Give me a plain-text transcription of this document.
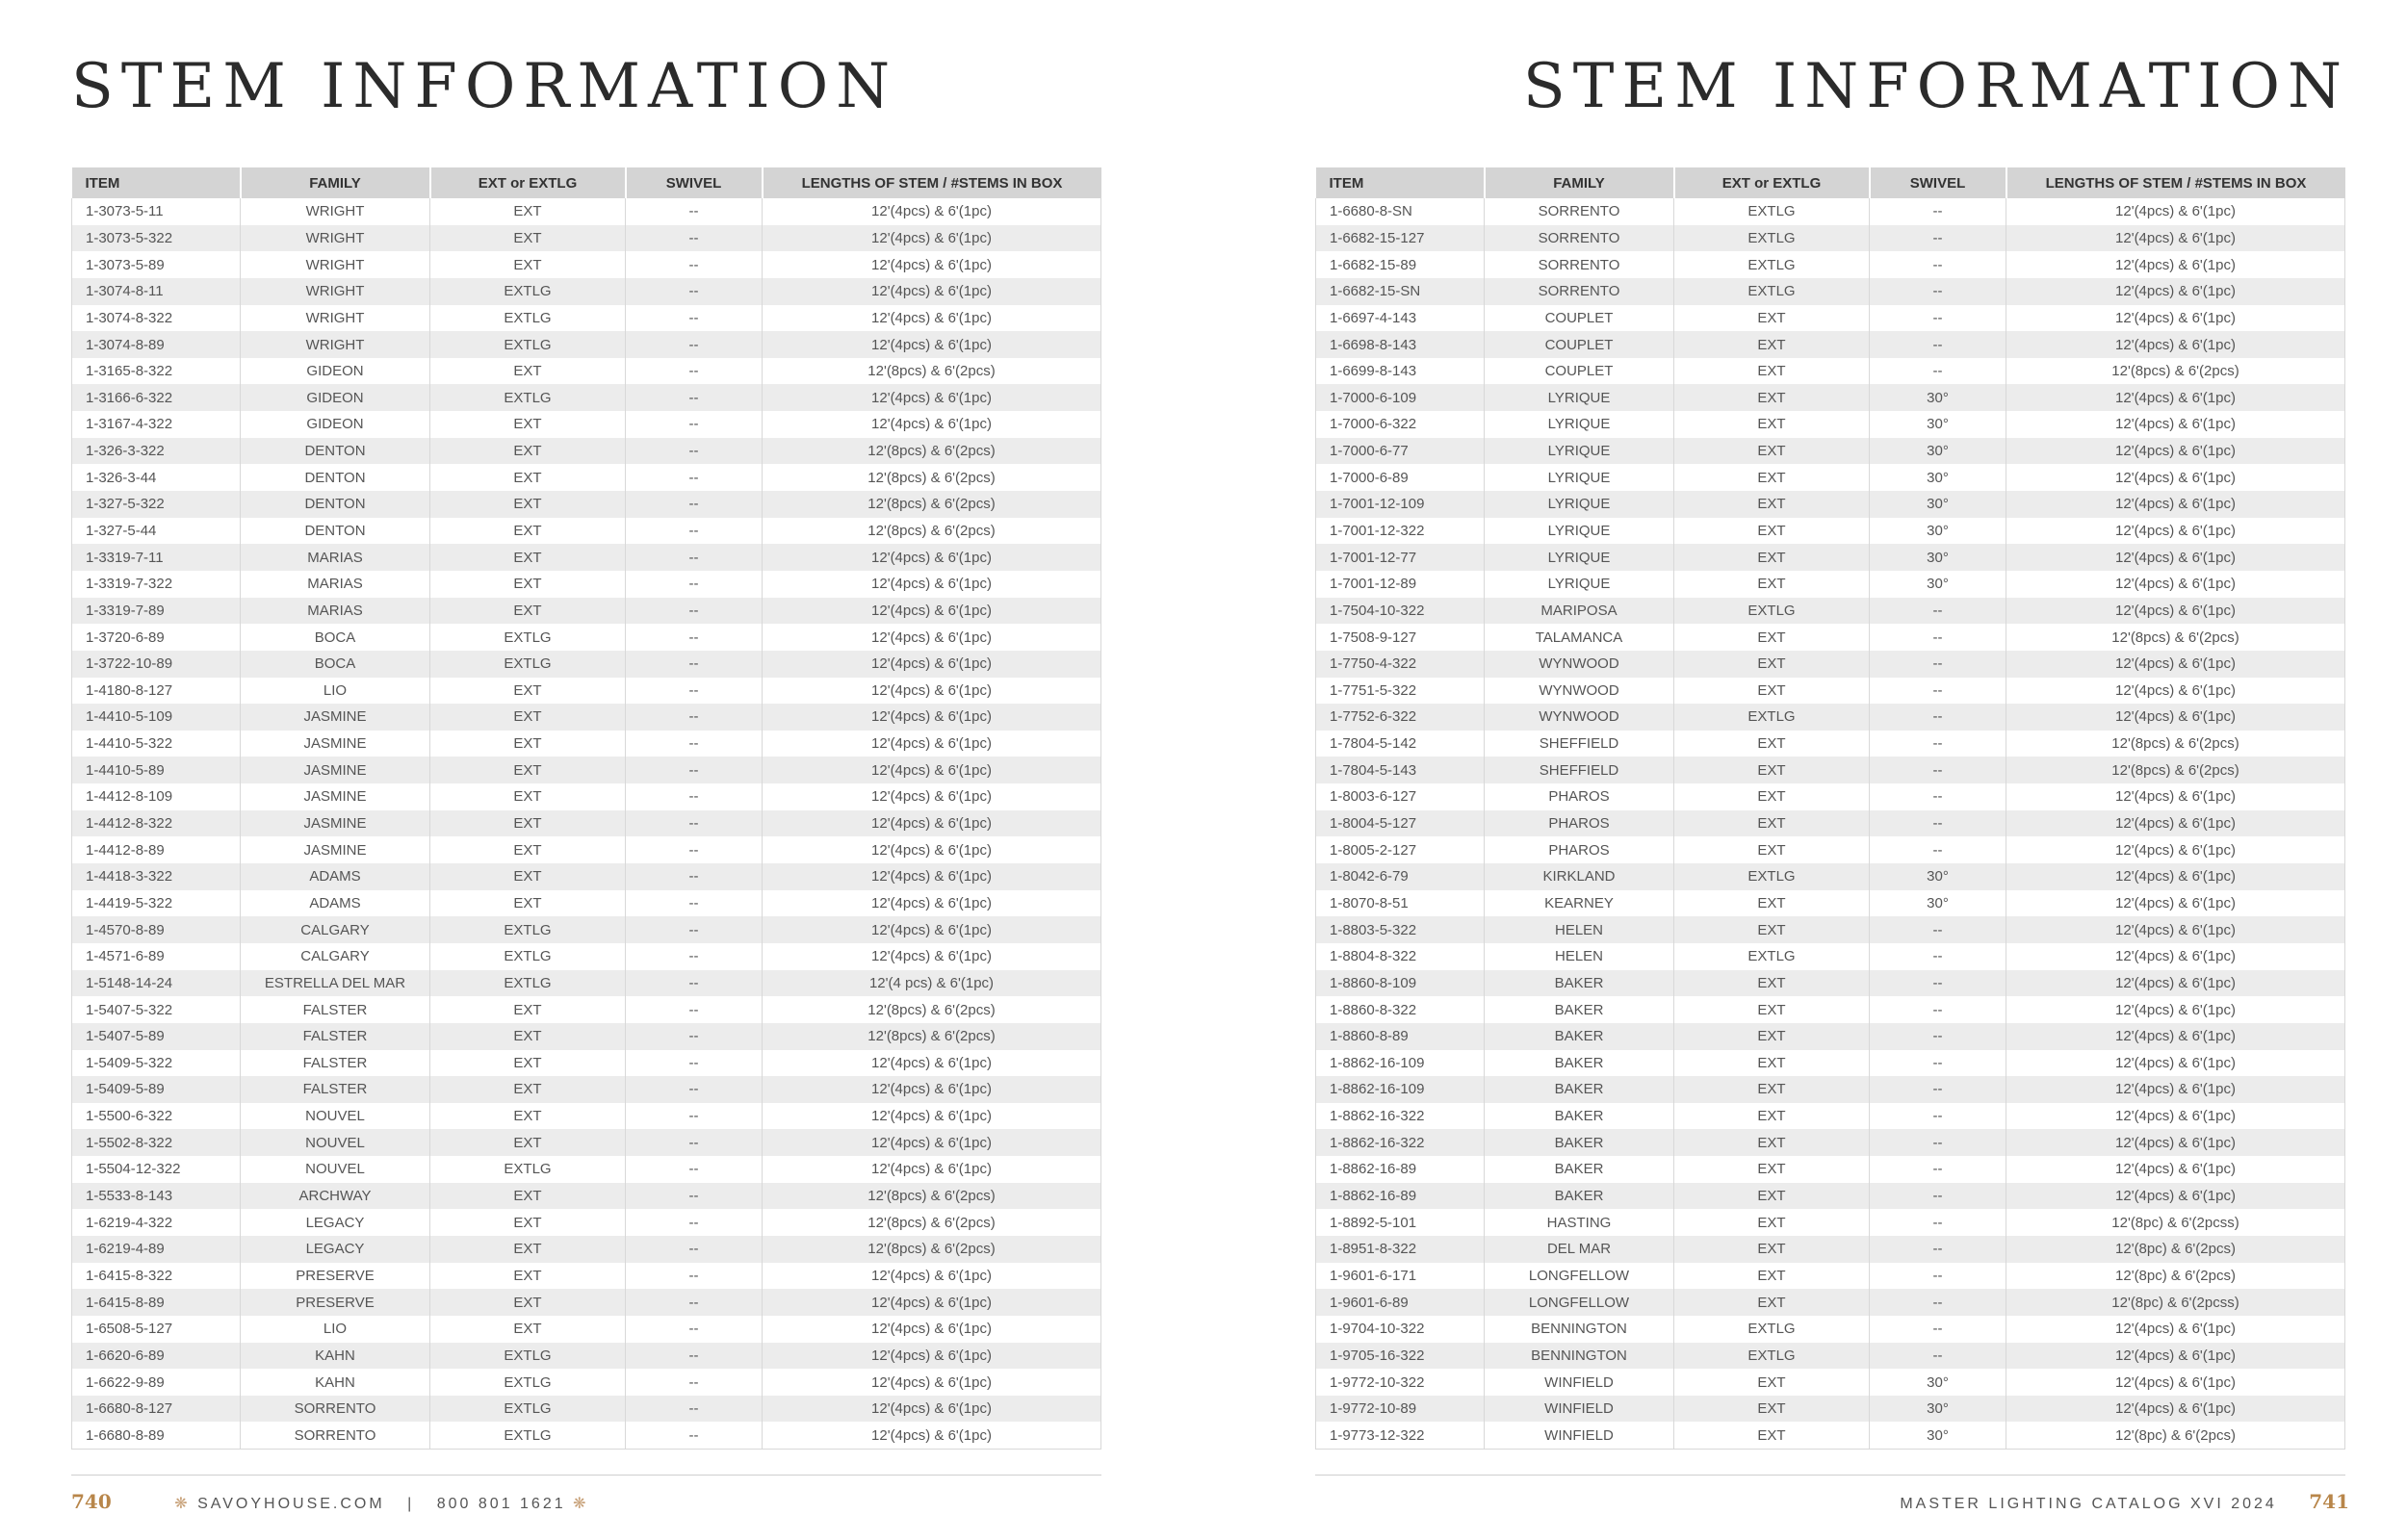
STEM INFORMATION	STEM INFORMATION
ITEM	FAMILY	EXT or EXTLG	SWIVEL	LENGTHS OF STEM / #STEMS IN BOX
1-3073-5-11	WRIGHT	EXT	--	12'(4pcs) & 6'(1pc)
1-3073-5-322	WRIGHT	EXT	--	12'(4pcs) & 6'(1pc)
1-3073-5-89	WRIGHT	EXT	--	12'(4pcs) & 6'(1pc)
1-3074-8-11	WRIGHT	EXTLG	--	12'(4pcs) & 6'(1pc)
1-3074-8-322	WRIGHT	EXTLG	--	12'(4pcs) & 6'(1pc)
1-3074-8-89	WRIGHT	EXTLG	--	12'(4pcs) & 6'(1pc)
1-3165-8-322	GIDEON	EXT	--	12'(8pcs) & 6'(2pcs)
1-3166-6-322	GIDEON	EXTLG	--	12'(4pcs) & 6'(1pc)
1-3167-4-322	GIDEON	EXT	--	12'(4pcs) & 6'(1pc)
1-326-3-322	DENTON	EXT	--	12'(8pcs) & 6'(2pcs)
1-326-3-44	DENTON	EXT	--	12'(8pcs) & 6'(2pcs)
1-327-5-322	DENTON	EXT	--	12'(8pcs) & 6'(2pcs)
1-327-5-44	DENTON	EXT	--	12'(8pcs) & 6'(2pcs)
1-3319-7-11	MARIAS	EXT	--	12'(4pcs) & 6'(1pc)
1-3319-7-322	MARIAS	EXT	--	12'(4pcs) & 6'(1pc)
1-3319-7-89	MARIAS	EXT	--	12'(4pcs) & 6'(1pc)
1-3720-6-89	BOCA	EXTLG	--	12'(4pcs) & 6'(1pc)
1-3722-10-89	BOCA	EXTLG	--	12'(4pcs) & 6'(1pc)
1-4180-8-127	LIO	EXT	--	12'(4pcs) & 6'(1pc)
1-4410-5-109	JASMINE	EXT	--	12'(4pcs) & 6'(1pc)
1-4410-5-322	JASMINE	EXT	--	12'(4pcs) & 6'(1pc)
1-4410-5-89	JASMINE	EXT	--	12'(4pcs) & 6'(1pc)
1-4412-8-109	JASMINE	EXT	--	12'(4pcs) & 6'(1pc)
1-4412-8-322	JASMINE	EXT	--	12'(4pcs) & 6'(1pc)
1-4412-8-89	JASMINE	EXT	--	12'(4pcs) & 6'(1pc)
1-4418-3-322	ADAMS	EXT	--	12'(4pcs) & 6'(1pc)
1-4419-5-322	ADAMS	EXT	--	12'(4pcs) & 6'(1pc)
1-4570-8-89	CALGARY	EXTLG	--	12'(4pcs) & 6'(1pc)
1-4571-6-89	CALGARY	EXTLG	--	12'(4pcs) & 6'(1pc)
1-5148-14-24	ESTRELLA DEL MAR	EXTLG	--	12'(4 pcs) & 6'(1pc)
1-5407-5-322	FALSTER	EXT	--	12'(8pcs) & 6'(2pcs)
1-5407-5-89	FALSTER	EXT	--	12'(8pcs) & 6'(2pcs)
1-5409-5-322	FALSTER	EXT	--	12'(4pcs) & 6'(1pc)
1-5409-5-89	FALSTER	EXT	--	12'(4pcs) & 6'(1pc)
1-5500-6-322	NOUVEL	EXT	--	12'(4pcs) & 6'(1pc)
1-5502-8-322	NOUVEL	EXT	--	12'(4pcs) & 6'(1pc)
1-5504-12-322	NOUVEL	EXTLG	--	12'(4pcs) & 6'(1pc)
1-5533-8-143	ARCHWAY	EXT	--	12'(8pcs) & 6'(2pcs)
1-6219-4-322	LEGACY	EXT	--	12'(8pcs) & 6'(2pcs)
1-6219-4-89	LEGACY	EXT	--	12'(8pcs) & 6'(2pcs)
1-6415-8-322	PRESERVE	EXT	--	12'(4pcs) & 6'(1pc)
1-6415-8-89	PRESERVE	EXT	--	12'(4pcs) & 6'(1pc)
1-6508-5-127	LIO	EXT	--	12'(4pcs) & 6'(1pc)
1-6620-6-89	KAHN	EXTLG	--	12'(4pcs) & 6'(1pc)
1-6622-9-89	KAHN	EXTLG	--	12'(4pcs) & 6'(1pc)
1-6680-8-127	SORRENTO	EXTLG	--	12'(4pcs) & 6'(1pc)
1-6680-8-89	SORRENTO	EXTLG	--	12'(4pcs) & 6'(1pc)
ITEM	FAMILY	EXT or EXTLG	SWIVEL	LENGTHS OF STEM / #STEMS IN BOX
1-6680-8-SN	SORRENTO	EXTLG	--	12'(4pcs) & 6'(1pc)
1-6682-15-127	SORRENTO	EXTLG	--	12'(4pcs) & 6'(1pc)
1-6682-15-89	SORRENTO	EXTLG	--	12'(4pcs) & 6'(1pc)
1-6682-15-SN	SORRENTO	EXTLG	--	12'(4pcs) & 6'(1pc)
1-6697-4-143	COUPLET	EXT	--	12'(4pcs) & 6'(1pc)
1-6698-8-143	COUPLET	EXT	--	12'(4pcs) & 6'(1pc)
1-6699-8-143	COUPLET	EXT	--	12'(8pcs) & 6'(2pcs)
1-7000-6-109	LYRIQUE	EXT	30°	12'(4pcs) & 6'(1pc)
1-7000-6-322	LYRIQUE	EXT	30°	12'(4pcs) & 6'(1pc)
1-7000-6-77	LYRIQUE	EXT	30°	12'(4pcs) & 6'(1pc)
1-7000-6-89	LYRIQUE	EXT	30°	12'(4pcs) & 6'(1pc)
1-7001-12-109	LYRIQUE	EXT	30°	12'(4pcs) & 6'(1pc)
1-7001-12-322	LYRIQUE	EXT	30°	12'(4pcs) & 6'(1pc)
1-7001-12-77	LYRIQUE	EXT	30°	12'(4pcs) & 6'(1pc)
1-7001-12-89	LYRIQUE	EXT	30°	12'(4pcs) & 6'(1pc)
1-7504-10-322	MARIPOSA	EXTLG	--	12'(4pcs) & 6'(1pc)
1-7508-9-127	TALAMANCA	EXT	--	12'(8pcs) & 6'(2pcs)
1-7750-4-322	WYNWOOD	EXT	--	12'(4pcs) & 6'(1pc)
1-7751-5-322	WYNWOOD	EXT	--	12'(4pcs) & 6'(1pc)
1-7752-6-322	WYNWOOD	EXTLG	--	12'(4pcs) & 6'(1pc)
1-7804-5-142	SHEFFIELD	EXT	--	12'(8pcs) & 6'(2pcs)
1-7804-5-143	SHEFFIELD	EXT	--	12'(8pcs) & 6'(2pcs)
1-8003-6-127	PHAROS	EXT	--	12'(4pcs) & 6'(1pc)
1-8004-5-127	PHAROS	EXT	--	12'(4pcs) & 6'(1pc)
1-8005-2-127	PHAROS	EXT	--	12'(4pcs) & 6'(1pc)
1-8042-6-79	KIRKLAND	EXTLG	30°	12'(4pcs) & 6'(1pc)
1-8070-8-51	KEARNEY	EXT	30°	12'(4pcs) & 6'(1pc)
1-8803-5-322	HELEN	EXT	--	12'(4pcs) & 6'(1pc)
1-8804-8-322	HELEN	EXTLG	--	12'(4pcs) & 6'(1pc)
1-8860-8-109	BAKER	EXT	--	12'(4pcs) & 6'(1pc)
1-8860-8-322	BAKER	EXT	--	12'(4pcs) & 6'(1pc)
1-8860-8-89	BAKER	EXT	--	12'(4pcs) & 6'(1pc)
1-8862-16-109	BAKER	EXT	--	12'(4pcs) & 6'(1pc)
1-8862-16-109	BAKER	EXT	--	12'(4pcs) & 6'(1pc)
1-8862-16-322	BAKER	EXT	--	12'(4pcs) & 6'(1pc)
1-8862-16-322	BAKER	EXT	--	12'(4pcs) & 6'(1pc)
1-8862-16-89	BAKER	EXT	--	12'(4pcs) & 6'(1pc)
1-8862-16-89	BAKER	EXT	--	12'(4pcs) & 6'(1pc)
1-8892-5-101	HASTING	EXT	--	12'(8pc) & 6'(2pcss)
1-8951-8-322	DEL MAR	EXT	--	12'(8pc) & 6'(2pcs)
1-9601-6-171	LONGFELLOW	EXT	--	12'(8pc) & 6'(2pcs)
1-9601-6-89	LONGFELLOW	EXT	--	12'(8pc) & 6'(2pcss)
1-9704-10-322	BENNINGTON	EXTLG	--	12'(4pcs) & 6'(1pc)
1-9705-16-322	BENNINGTON	EXTLG	--	12'(4pcs) & 6'(1pc)
1-9772-10-322	WINFIELD	EXT	30°	12'(4pcs) & 6'(1pc)
1-9772-10-89	WINFIELD	EXT	30°	12'(4pcs) & 6'(1pc)
1-9773-12-322	WINFIELD	EXT	30°	12'(8pc) & 6'(2pcs)
740	❋ SAVOYHOUSE.COM | 800 801 1621 ❋	MASTER LIGHTING CATALOG XVI 2024 741
